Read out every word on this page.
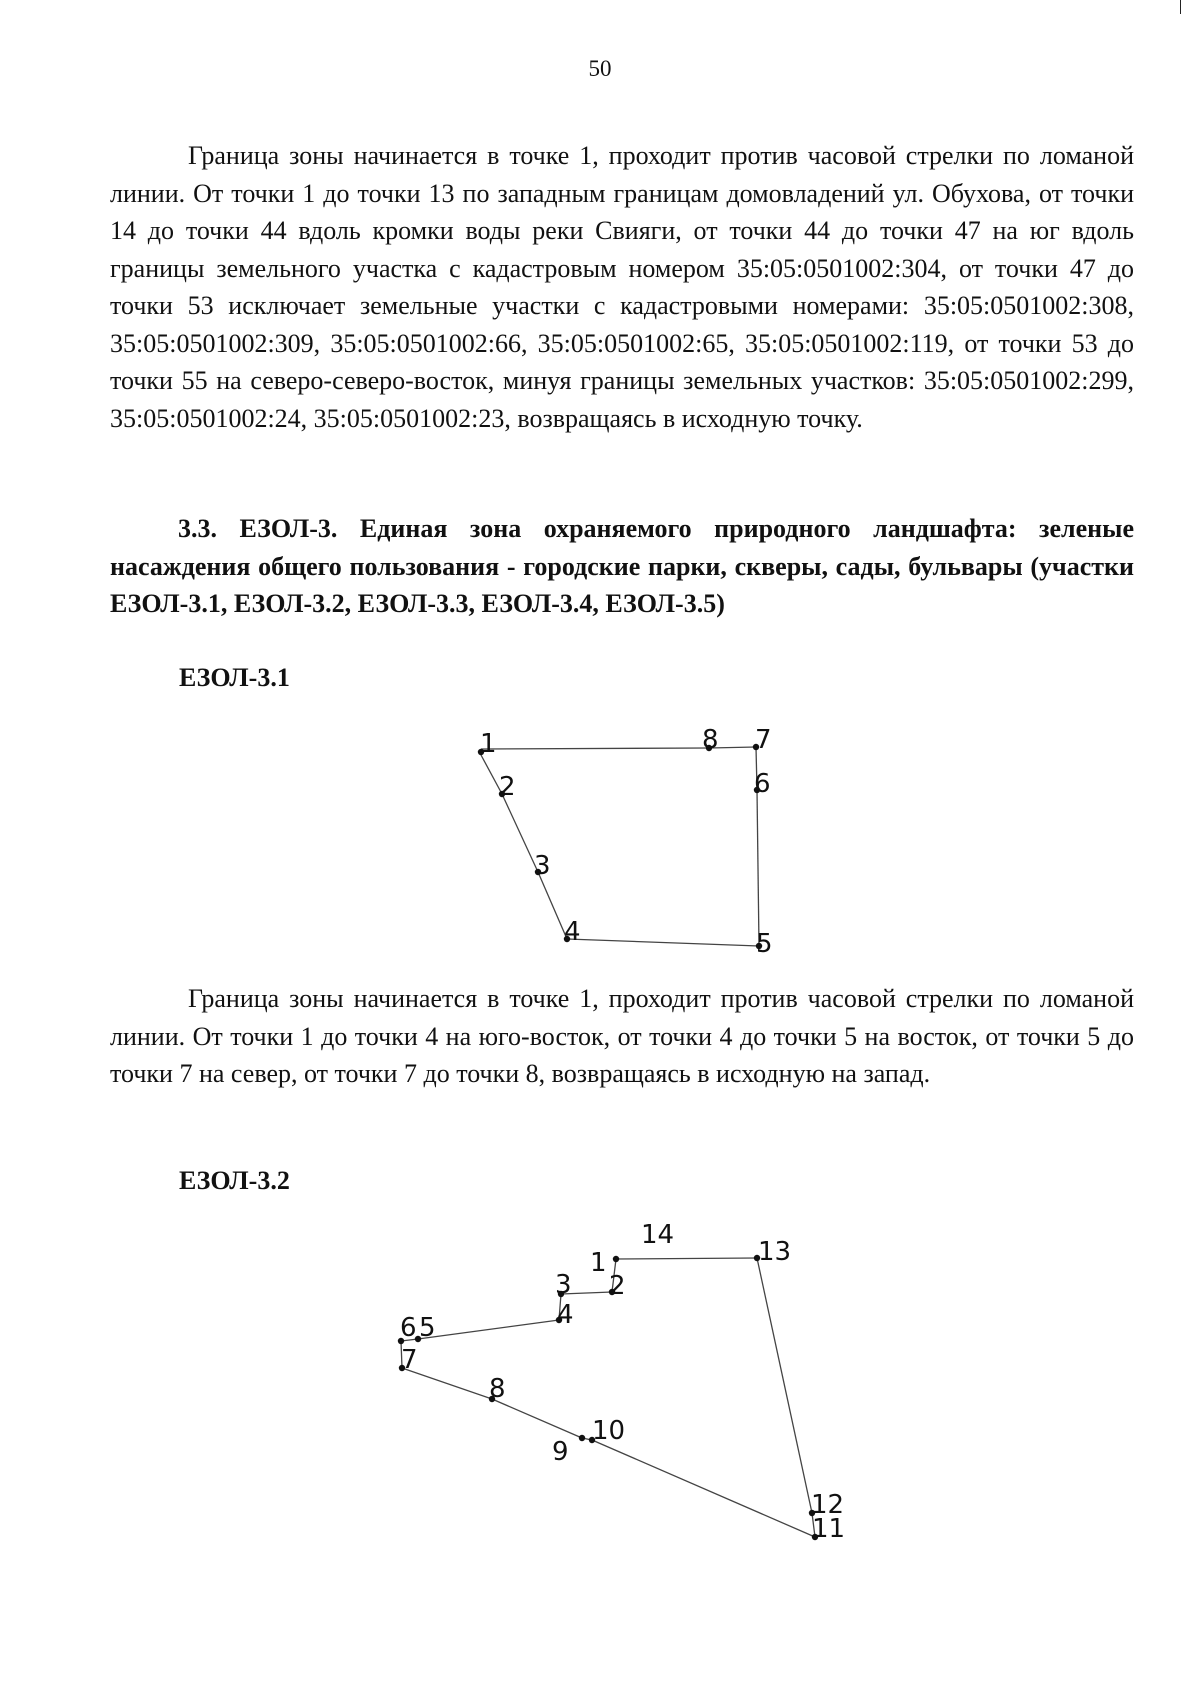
50

Граница зоны начинается в точке 1, проходит против часовой стрелки по ломаной линии. От точки 1 до точки 13 по западным границам домовладений ул. Обухова, от точки 14 до точки 44 вдоль кромки воды реки Свияги, от точки 44 до точки 47 на юг вдоль границы земельного участка с кадастровым номером 35:05:0501002:304, от точки 47 до точки 53 исключает земельные участки с кадастровыми номерами: 35:05:0501002:308, 35:05:0501002:309, 35:05:0501002:66, 35:05:0501002:65, 35:05:0501002:119, от точки 53 до точки 55 на северо-северо-восток, минуя границы земельных участков: 35:05:0501002:299, 35:05:0501002:24, 35:05:0501002:23, возвращаясь в исходную точку.

3.3. ЕЗОЛ-3. Единая зона охраняемого природного ландшафта: зеленые насаждения общего пользования - городские парки, скверы, сады, бульвары (участки ЕЗОЛ-3.1, ЕЗОЛ-3.2, ЕЗОЛ-3.3, ЕЗОЛ-3.4, ЕЗОЛ-3.5)

ЕЗОЛ-3.1

1
2
3
4	5
6
7
8

Граница зоны начинается в точке 1, проходит против часовой стрелки по ломаной линии. От точки 1 до точки 4 на юго-восток, от точки 4 до точки 5 на восток, от точки 5 до точки 7 на север, от точки 7 до точки 8, возвращаясь в исходную на запад.

ЕЗОЛ-3.2

1
2
3
4
5
6
7
8
9
10
11
12
13
14
